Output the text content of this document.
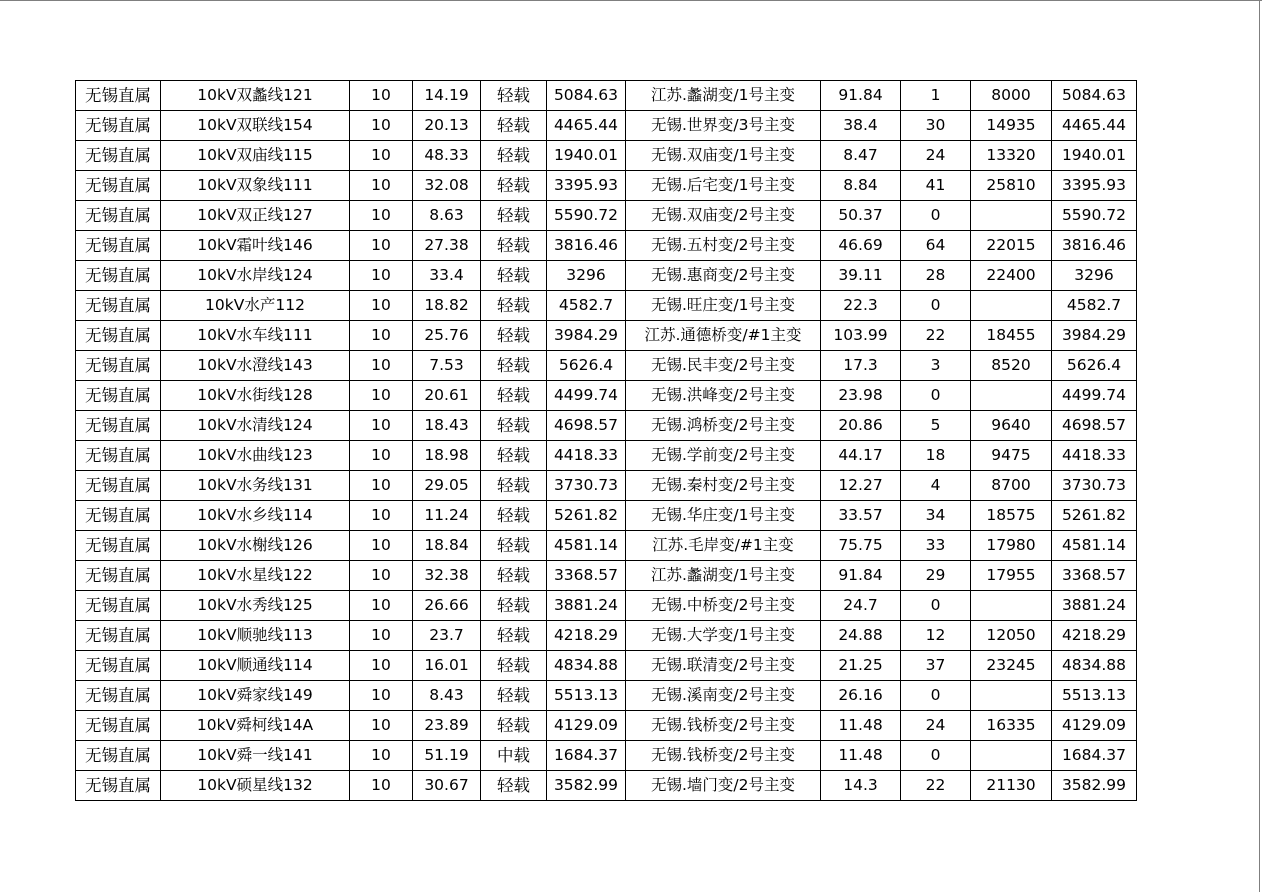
无锡直属	10kV双蠡线121	10	14.19	轻载	5084.63	江苏.蠡湖变/1号主变	91.84	1	8000	5084.63
无锡直属	10kV双联线154	10	20.13	轻载	4465.44	无锡.世界变/3号主变	38.4	30	14935	4465.44
无锡直属	10kV双庙线115	10	48.33	轻载	1940.01	无锡.双庙变/1号主变	8.47	24	13320	1940.01
无锡直属	10kV双象线111	10	32.08	轻载	3395.93	无锡.后宅变/1号主变	8.84	41	25810	3395.93
无锡直属	10kV双正线127	10	8.63	轻载	5590.72	无锡.双庙变/2号主变	50.37	0		5590.72
无锡直属	10kV霜叶线146	10	27.38	轻载	3816.46	无锡.五村变/2号主变	46.69	64	22015	3816.46
无锡直属	10kV水岸线124	10	33.4	轻载	3296	无锡.惠商变/2号主变	39.11	28	22400	3296
无锡直属	10kV水产112	10	18.82	轻载	4582.7	无锡.旺庄变/1号主变	22.3	0		4582.7
无锡直属	10kV水车线111	10	25.76	轻载	3984.29	江苏.通德桥变/#1主变	103.99	22	18455	3984.29
无锡直属	10kV水澄线143	10	7.53	轻载	5626.4	无锡.民丰变/2号主变	17.3	3	8520	5626.4
无锡直属	10kV水街线128	10	20.61	轻载	4499.74	无锡.洪峰变/2号主变	23.98	0		4499.74
无锡直属	10kV水清线124	10	18.43	轻载	4698.57	无锡.鸿桥变/2号主变	20.86	5	9640	4698.57
无锡直属	10kV水曲线123	10	18.98	轻载	4418.33	无锡.学前变/2号主变	44.17	18	9475	4418.33
无锡直属	10kV水务线131	10	29.05	轻载	3730.73	无锡.秦村变/2号主变	12.27	4	8700	3730.73
无锡直属	10kV水乡线114	10	11.24	轻载	5261.82	无锡.华庄变/1号主变	33.57	34	18575	5261.82
无锡直属	10kV水榭线126	10	18.84	轻载	4581.14	江苏.毛岸变/#1主变	75.75	33	17980	4581.14
无锡直属	10kV水星线122	10	32.38	轻载	3368.57	江苏.蠡湖变/1号主变	91.84	29	17955	3368.57
无锡直属	10kV水秀线125	10	26.66	轻载	3881.24	无锡.中桥变/2号主变	24.7	0		3881.24
无锡直属	10kV顺驰线113	10	23.7	轻载	4218.29	无锡.大学变/1号主变	24.88	12	12050	4218.29
无锡直属	10kV顺通线114	10	16.01	轻载	4834.88	无锡.联清变/2号主变	21.25	37	23245	4834.88
无锡直属	10kV舜家线149	10	8.43	轻载	5513.13	无锡.溪南变/2号主变	26.16	0		5513.13
无锡直属	10kV舜柯线14A	10	23.89	轻载	4129.09	无锡.钱桥变/2号主变	11.48	24	16335	4129.09
无锡直属	10kV舜一线141	10	51.19	中载	1684.37	无锡.钱桥变/2号主变	11.48	0		1684.37
无锡直属	10kV硕星线132	10	30.67	轻载	3582.99	无锡.墙门变/2号主变	14.3	22	21130	3582.99
